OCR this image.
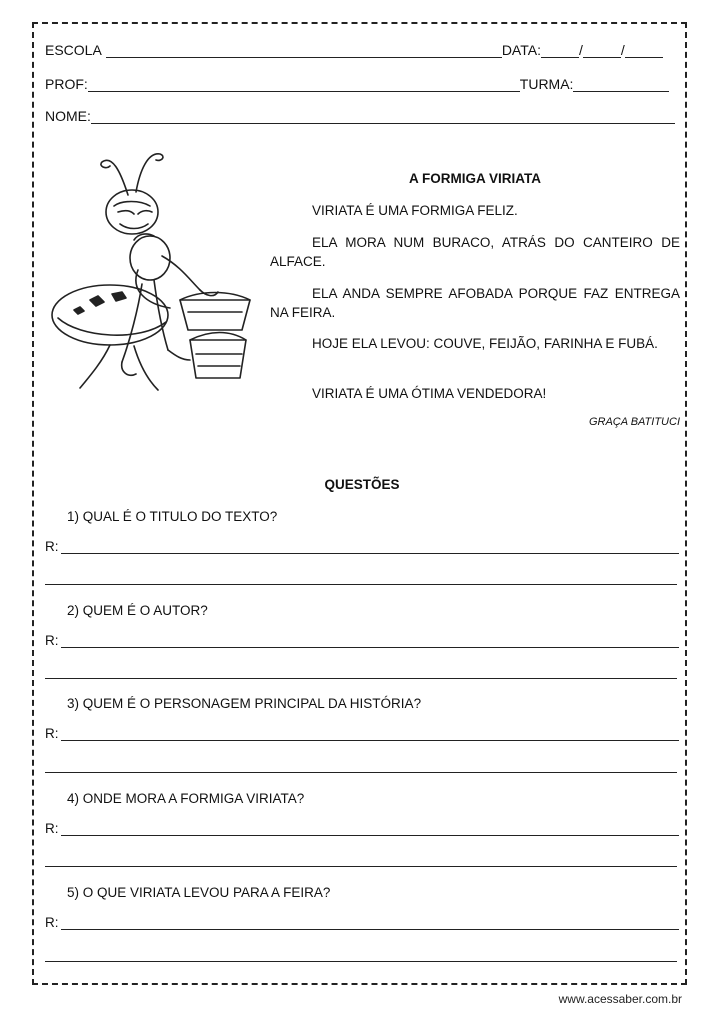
ESCOLA	DATA:	/	/
PROF:	TURMA:
NOME:
A FORMIGA VIRIATA

VIRIATA É UMA FORMIGA FELIZ.

ELA MORA NUM BURACO, ATRÁS DO CANTEIRO DE ALFACE.

ELA ANDA SEMPRE AFOBADA PORQUE FAZ ENTREGA NA FEIRA.

HOJE ELA LEVOU: COUVE, FEIJÃO, FARINHA E FUBÁ.

VIRIATA É UMA ÓTIMA VENDEDORA!

GRAÇA BATITUCI
QUESTÕES
1) QUAL É O TITULO DO TEXTO?
R:
2) QUEM É O AUTOR?
R:
3) QUEM É O PERSONAGEM PRINCIPAL DA HISTÓRIA?
R:
4) ONDE MORA A FORMIGA VIRIATA?
R:
5) O QUE VIRIATA LEVOU PARA A FEIRA?
R:
www.acessaber.com.br
